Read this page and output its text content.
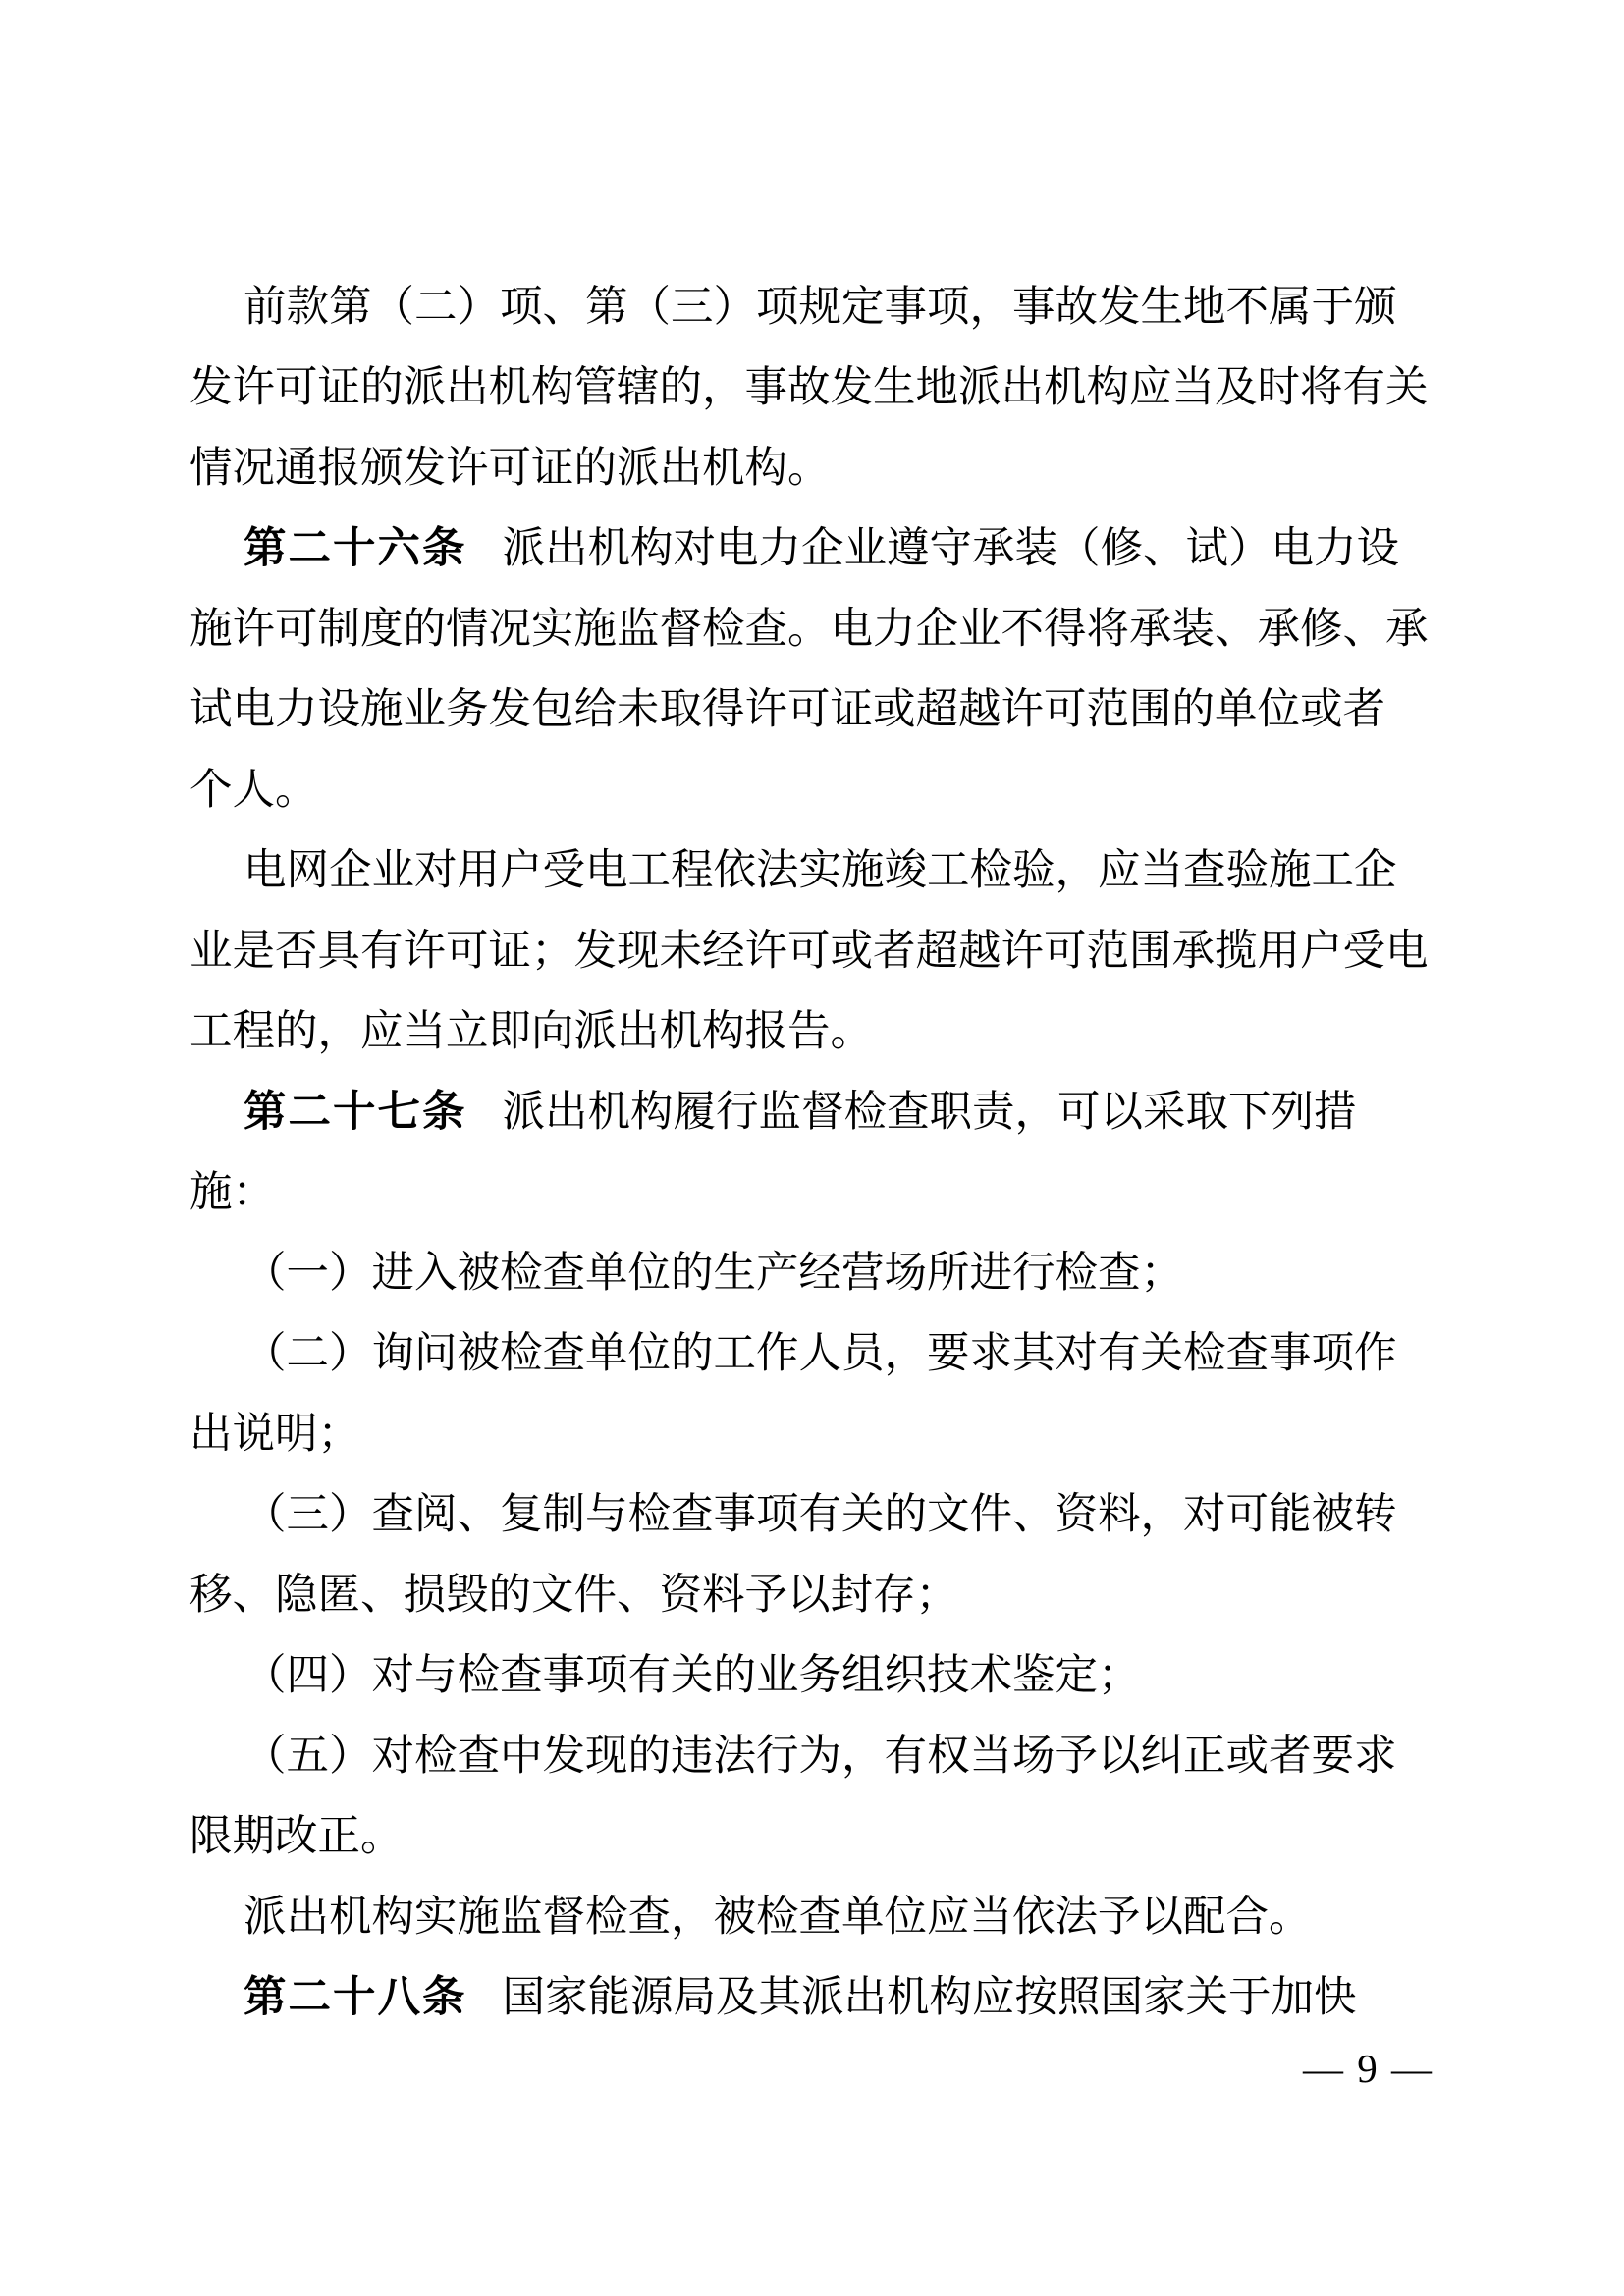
前款第（二）项、第（三）项规定事项，事故发生地不属于颁
发许可证的派出机构管辖的，事故发生地派出机构应当及时将有关
情况通报颁发许可证的派出机构。
第二十六条 派出机构对电力企业遵守承装（修、试）电力设
施许可制度的情况实施监督检查。电力企业不得将承装、承修、承
试电力设施业务发包给未取得许可证或超越许可范围的单位或者
个人。
电网企业对用户受电工程依法实施竣工检验，应当查验施工企
业是否具有许可证；发现未经许可或者超越许可范围承揽用户受电
工程的，应当立即向派出机构报告。
第二十七条 派出机构履行监督检查职责，可以采取下列措
施：
（一）进入被检查单位的生产经营场所进行检查；
（二）询问被检查单位的工作人员，要求其对有关检查事项作
出说明；
（三）查阅、复制与检查事项有关的文件、资料，对可能被转
移、隐匿、损毁的文件、资料予以封存；
（四）对与检查事项有关的业务组织技术鉴定；
（五）对检查中发现的违法行为，有权当场予以纠正或者要求
限期改正。
派出机构实施监督检查，被检查单位应当依法予以配合。
第二十八条 国家能源局及其派出机构应按照国家关于加快
— 9 —
